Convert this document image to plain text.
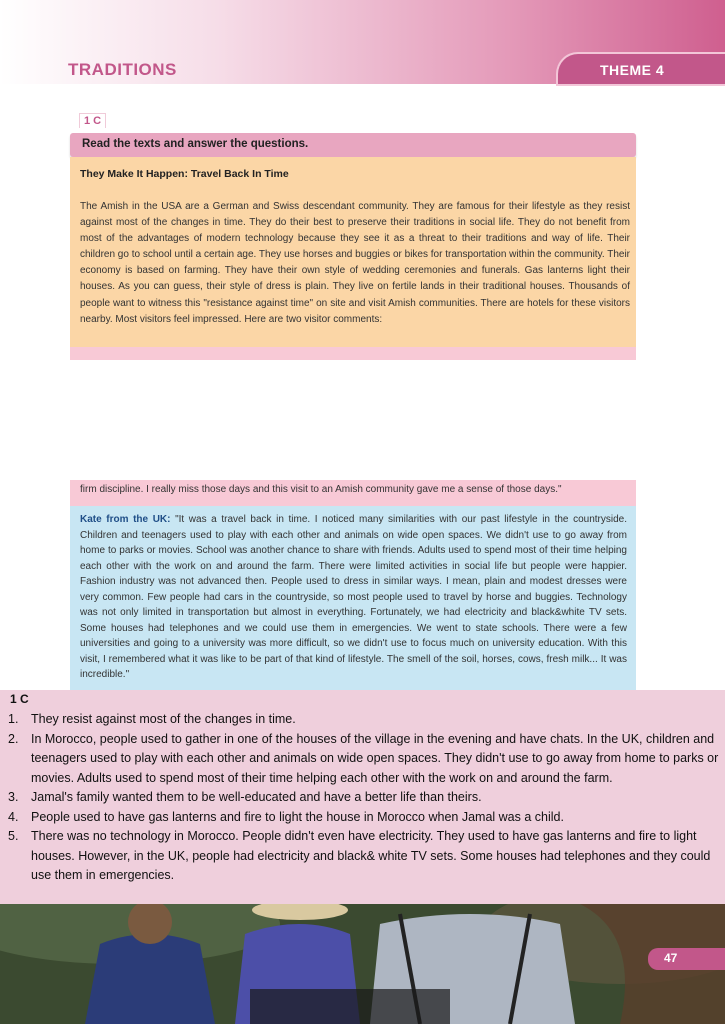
TRADITIONS	THEME 4
1 C
Read the texts and answer the questions.
They Make It Happen: Travel Back In Time
The Amish in the USA are a German and Swiss descendant community. They are famous for their lifestyle as they resist against most of the changes in time. They do their best to preserve their traditions in social life. They do not benefit from most of the advantages of modern technology because they see it as a threat to their traditions and way of life. Their children go to school until a certain age. They use horses and buggies or bikes for transportation within the community. Their economy is based on farming. They have their own style of wedding ceremonies and funerals. Gas lanterns light their houses. As you can guess, their style of dress is plain. They live on fertile lands in their traditional houses. Thousands of people want to witness this "resistance against time" on site and visit Amish communities. There are hotels for these visitors nearby. Most visitors feel impressed. Here are two visitor comments:
firm discipline. I really miss those days and this visit to an Amish community gave me a sense of those days."
Kate from the UK: "It was a travel back in time. I noticed many similarities with our past lifestyle in the countryside. Children and teenagers used to play with each other and animals on wide open spaces. We didn't use to go away from home to parks or movies. School was another chance to share with friends. Adults used to spend most of their time helping each other with the work on and around the farm. There were limited activities in social life but people were happier. Fashion industry was not advanced then. People used to dress in similar ways. I mean, plain and modest dresses were very common. Few people had cars in the countryside, so most people used to travel by horse and buggies. Technology was not only limited in transportation but almost in everything. Fortunately, we had electricity and black&white TV sets. Some houses had telephones and we could use them in emergencies. We went to state schools. There were a few universities and going to a university was more difficult, so we didn't use to focus much on university education. With this visit, I remembered what it was like to be part of that kind of lifestyle. The smell of the soil, horses, cows, fresh milk... It was incredible."
1 C
1.	They resist against most of the changes in time.
2.	In Morocco, people used to gather in one of the houses of the village in the evening and have chats. In the UK, children and teenagers used to play with each other and animals on wide open spaces. They didn't use to go away from home to parks or movies. Adults used to spend most of their time helping each other with the work on and around the farm.
3.	Jamal's family wanted them to be well-educated and have a better life than theirs.
4.	People used to have gas lanterns and fire to light the house in Morocco when Jamal was a child.
5.	There was no technology in Morocco. People didn't even have electricity. They used to have gas lanterns and fire to light houses. However, in the UK, people had electricity and black& white TV sets. Some houses had telephones and they could use them in emergencies.
47
